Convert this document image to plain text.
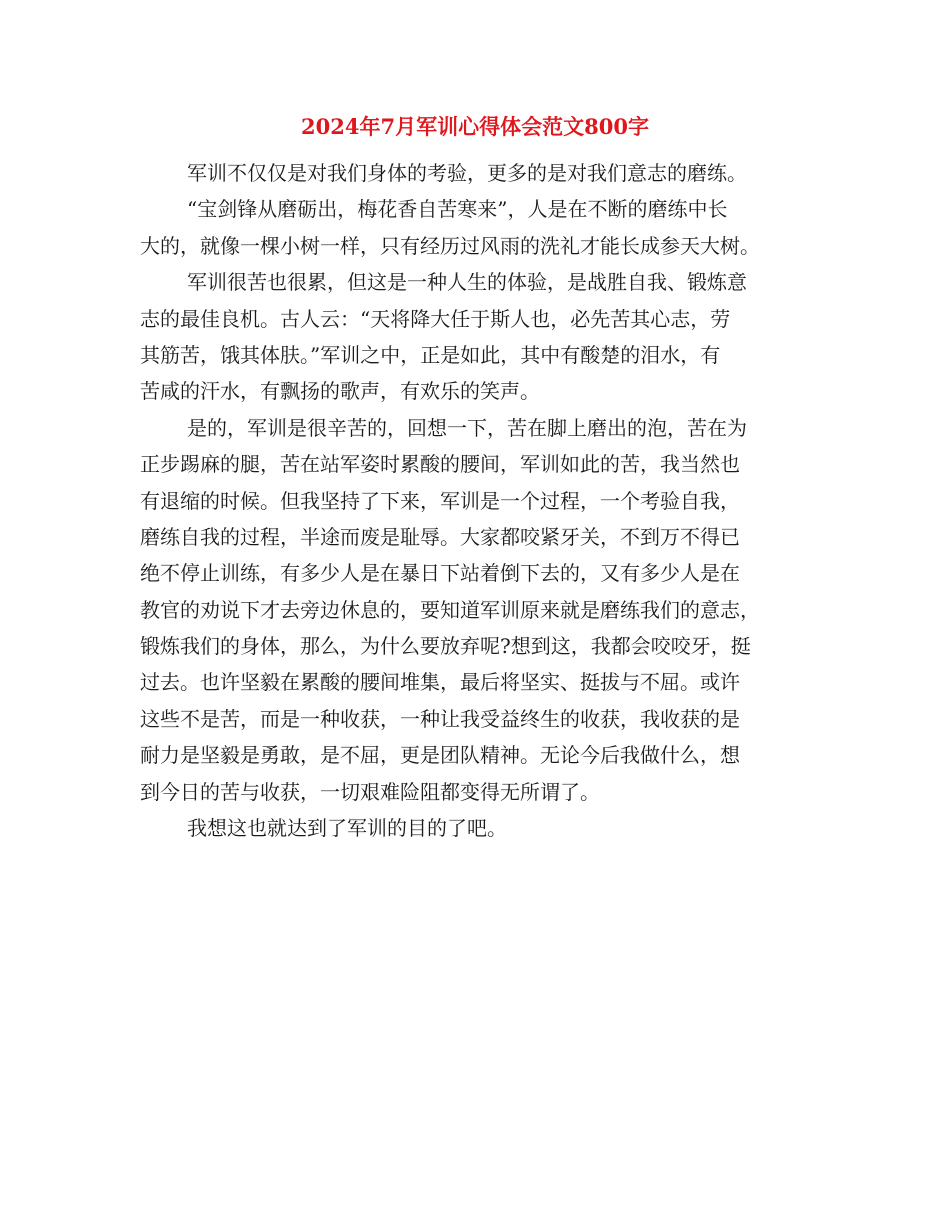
2024年7月军训心得体会范文800字
军训不仅仅是对我们身体的考验，更多的是对我们意志的磨练。
“宝剑锋从磨砺出，梅花香自苦寒来”，人是在不断的磨练中长
大的，就像一棵小树一样，只有经历过风雨的洗礼才能长成参天大树。
军训很苦也很累，但这是一种人生的体验，是战胜自我、锻炼意
志的最佳良机。古人云：“天将降大任于斯人也，必先苦其心志，劳
其筋苦，饿其体肤。”军训之中，正是如此，其中有酸楚的泪水，有
苦咸的汗水，有飘扬的歌声，有欢乐的笑声。
是的，军训是很辛苦的，回想一下，苦在脚上磨出的泡，苦在为
正步踢麻的腿，苦在站军姿时累酸的腰间，军训如此的苦，我当然也
有退缩的时候。但我坚持了下来，军训是一个过程，一个考验自我，
磨练自我的过程，半途而废是耻辱。大家都咬紧牙关，不到万不得已
绝不停止训练，有多少人是在暴日下站着倒下去的，又有多少人是在
教官的劝说下才去旁边休息的，要知道军训原来就是磨练我们的意志，
锻炼我们的身体，那么，为什么要放弃呢?想到这，我都会咬咬牙，挺
过去。也许坚毅在累酸的腰间堆集，最后将坚实、挺拔与不屈。或许
这些不是苦，而是一种收获，一种让我受益终生的收获，我收获的是
耐力是坚毅是勇敢，是不屈，更是团队精神。无论今后我做什么，想
到今日的苦与收获，一切艰难险阻都变得无所谓了。
我想这也就达到了军训的目的了吧。
